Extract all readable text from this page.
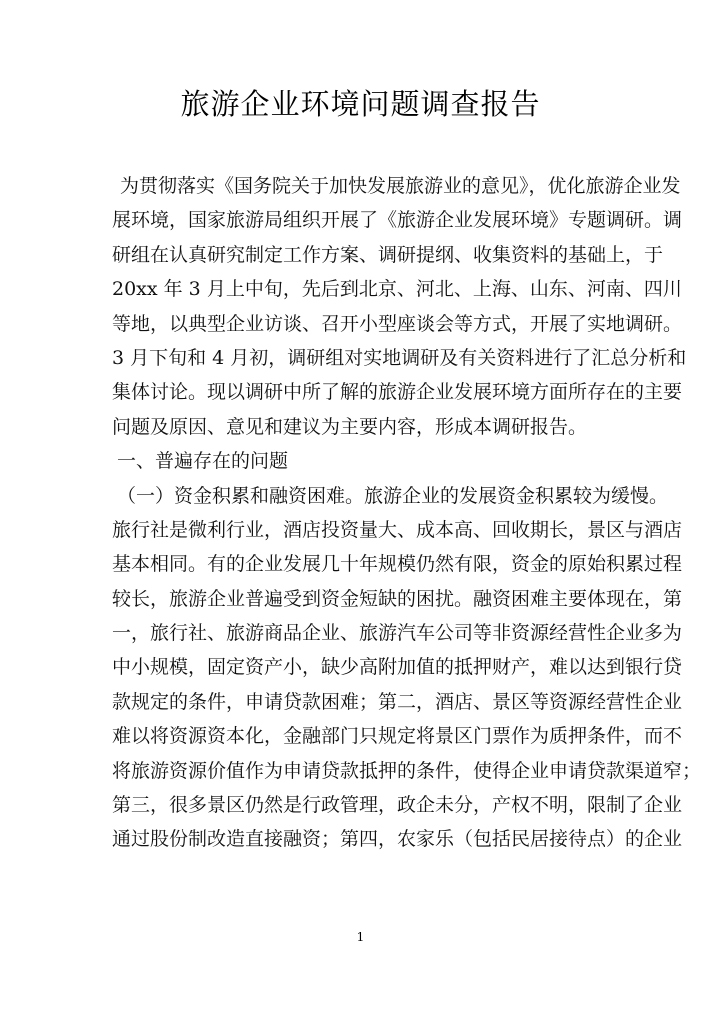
旅游企业环境问题调查报告
为贯彻落实《国务院关于加快发展旅游业的意见》，优化旅游企业发
展环境，国家旅游局组织开展了《旅游企业发展环境》专题调研。调
研组在认真研究制定工作方案、调研提纲、收集资料的基础上，于
20xx 年 3 月上中旬，先后到北京、河北、上海、山东、河南、四川
等地，以典型企业访谈、召开小型座谈会等方式，开展了实地调研。
3 月下旬和 4 月初，调研组对实地调研及有关资料进行了汇总分析和
集体讨论。现以调研中所了解的旅游企业发展环境方面所存在的主要
问题及原因、意见和建议为主要内容，形成本调研报告。
一、普遍存在的问题
（一）资金积累和融资困难。旅游企业的发展资金积累较为缓慢。
旅行社是微利行业，酒店投资量大、成本高、回收期长，景区与酒店
基本相同。有的企业发展几十年规模仍然有限，资金的原始积累过程
较长，旅游企业普遍受到资金短缺的困扰。融资困难主要体现在，第
一，旅行社、旅游商品企业、旅游汽车公司等非资源经营性企业多为
中小规模，固定资产小，缺少高附加值的抵押财产，难以达到银行贷
款规定的条件，申请贷款困难；第二，酒店、景区等资源经营性企业
难以将资源资本化，金融部门只规定将景区门票作为质押条件，而不
将旅游资源价值作为申请贷款抵押的条件，使得企业申请贷款渠道窄；
第三，很多景区仍然是行政管理，政企未分，产权不明，限制了企业
通过股份制改造直接融资；第四，农家乐（包括民居接待点）的企业
1
